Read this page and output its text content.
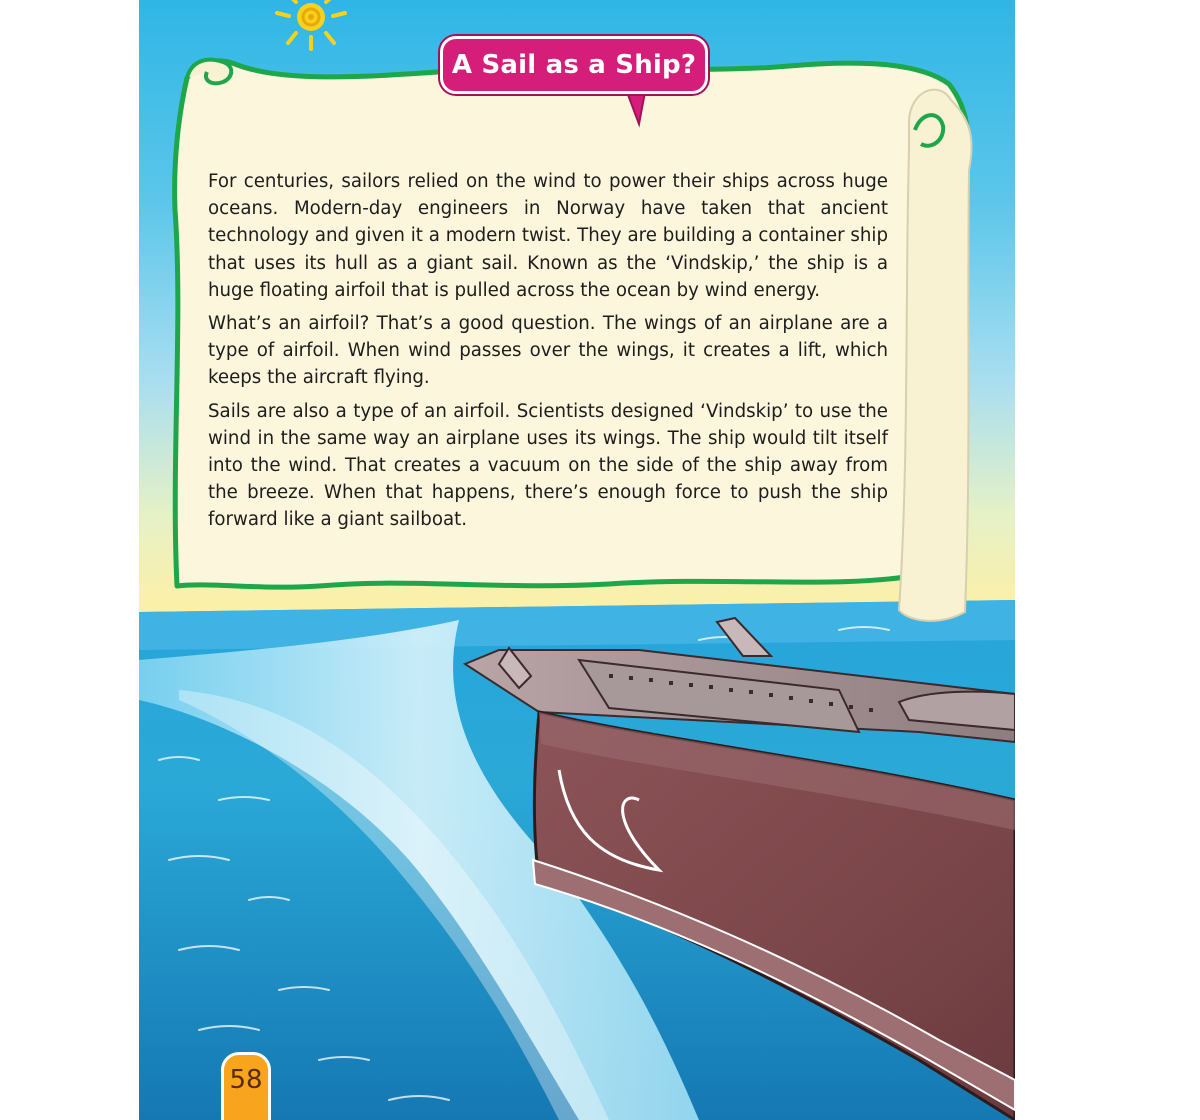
A Sail as a Ship?

For centuries, sailors relied on the wind to power their ships across huge oceans. Modern-day engineers in Norway have taken that ancient technology and given it a modern twist. They are building a container ship that uses its hull as a giant sail. Known as the ‘Vindskip,’ the ship is a huge floating airfoil that is pulled across the ocean by wind energy.

What’s an airfoil? That’s a good question. The wings of an airplane are a type of airfoil. When wind passes over the wings, it creates a lift, which keeps the aircraft flying.

Sails are also a type of an airfoil. Scientists designed ‘Vindskip’ to use the wind in the same way an airplane uses its wings. The ship would tilt itself into the wind. That creates a vacuum on the side of the ship away from the breeze. When that happens, there’s enough force to push the ship forward like a giant sailboat.

58
